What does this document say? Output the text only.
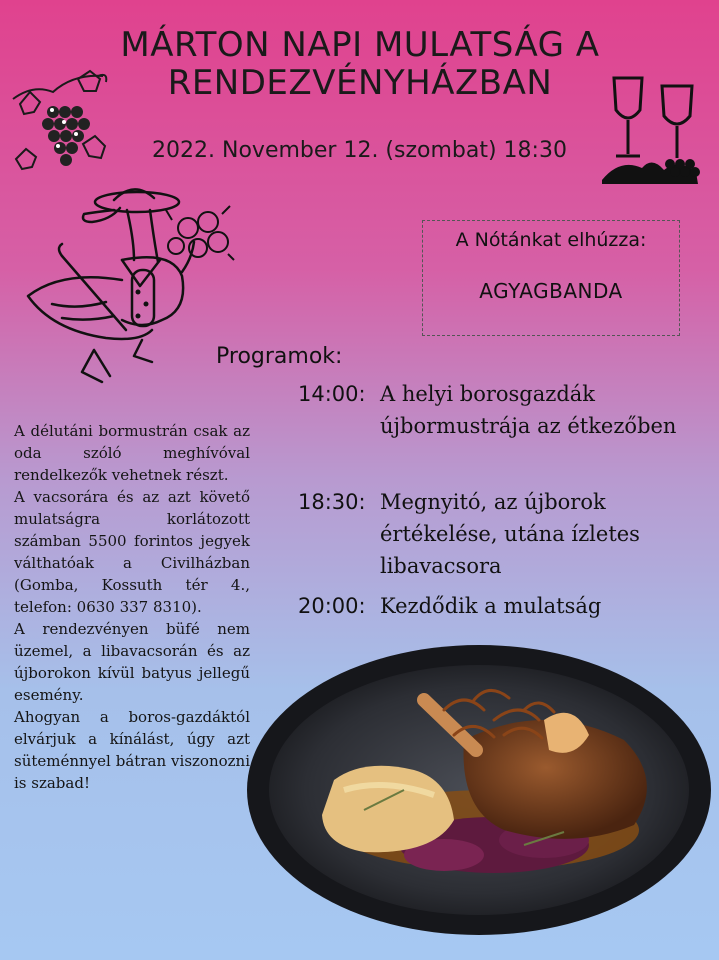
MÁRTON NAPI MULATSÁG A RENDEZVÉNYHÁZBAN
2022. November 12. (szombat) 18:30
A Nótánkat elhúzza:
AGYAGBANDA
Programok:
14:00: A helyi borosgazdák újbormustrája az étkezőben
18:30: Megnyitó, az újborok értékelése, utána ízletes libavacsora
20:00: Kezdődik a mulatság

A délutáni bormustrán csak az oda szóló meghívóval rendelkezők vehetnek részt.

A vacsorára és az azt követő mulatságra korlátozott számban 5500 forintos jegyek válthatóak a Civilházban (Gomba, Kossuth tér 4., telefon: 0630 337 8310).

A rendezvényen büfé nem üzemel, a libavacsorán és az újborokon kívül batyus jellegű esemény.

Ahogyan a boros-gazdáktól elvárjuk a kínálást, úgy azt süteménnyel bátran viszonozni is szabad!
